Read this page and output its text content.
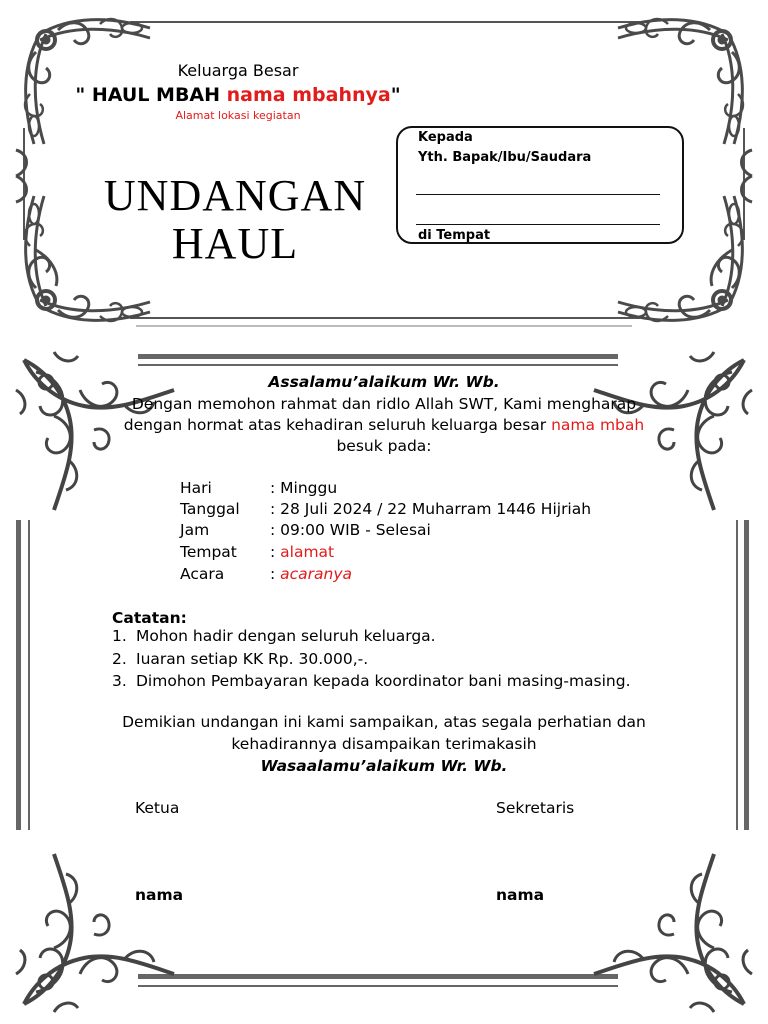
Keluarga Besar
" HAUL MBAH nama mbahnya"
Alamat lokasi kegiatan
UNDANGAN
HAUL
Kepada
Yth. Bapak/Ibu/Saudara
di Tempat
Assalamu’alaikum Wr. Wb.
Dengan memohon rahmat dan ridlo Allah SWT, Kami mengharap
dengan hormat atas kehadiran seluruh keluarga besar nama mbah
besuk pada:
Hari	: Minggu
Tanggal	: 28 Juli 2024 / 22 Muharram 1446 Hijriah
Jam	: 09:00 WIB - Selesai
Tempat	: alamat
Acara	: acaranya
Catatan:
1. Mohon hadir dengan seluruh keluarga.
2. Iuaran setiap KK Rp. 30.000,-.
3. Dimohon Pembayaran kepada koordinator bani masing-masing.
Demikian undangan ini kami sampaikan, atas segala perhatian dan
kehadirannya disampaikan terimakasih
Wasaalamu’alaikum Wr. Wb.
Ketua	Sekretaris
nama	nama
